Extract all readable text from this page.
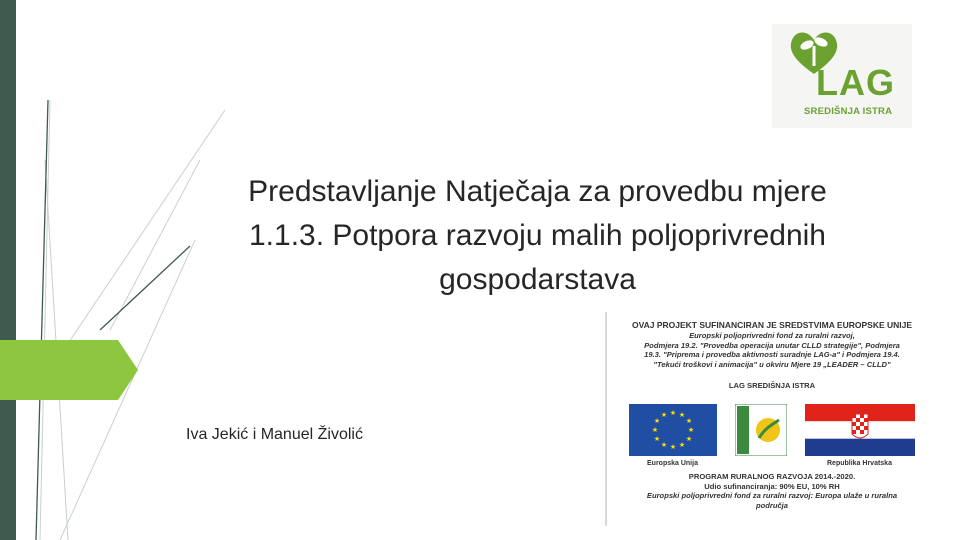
Predstavljanje Natječaja za provedbu mjere
1.1.3. Potpora razvoju malih poljoprivrednih
gospodarstava
Iva Jekić i Manuel Živolić
LAG
SREDIŠNJA ISTRA
OVAJ PROJEKT SUFINANCIRAN JE SREDSTVIMA EUROPSKE UNIJE
Europski poljoprivredni fond za ruralni razvoj,
Podmjera 19.2. "Provedba operacija unutar CLLD strategije", Podmjera
19.3. "Priprema i provedba aktivnosti suradnje LAG-a" i Podmjera 19.4.
"Tekući troškovi i animacija" u okviru Mjere 19 „LEADER – CLLD"
LAG SREDIŠNJA ISTRA
★ ★
★
★
★
★
★
★
★
★
★
★
Europska Unija	Republika Hrvatska
PROGRAM RURALNOG RAZVOJA 2014.-2020.
Udio sufinanciranja: 90% EU, 10% RH
Europski poljoprivredni fond za ruralni razvoj: Europa ulaže u ruralna
područja
